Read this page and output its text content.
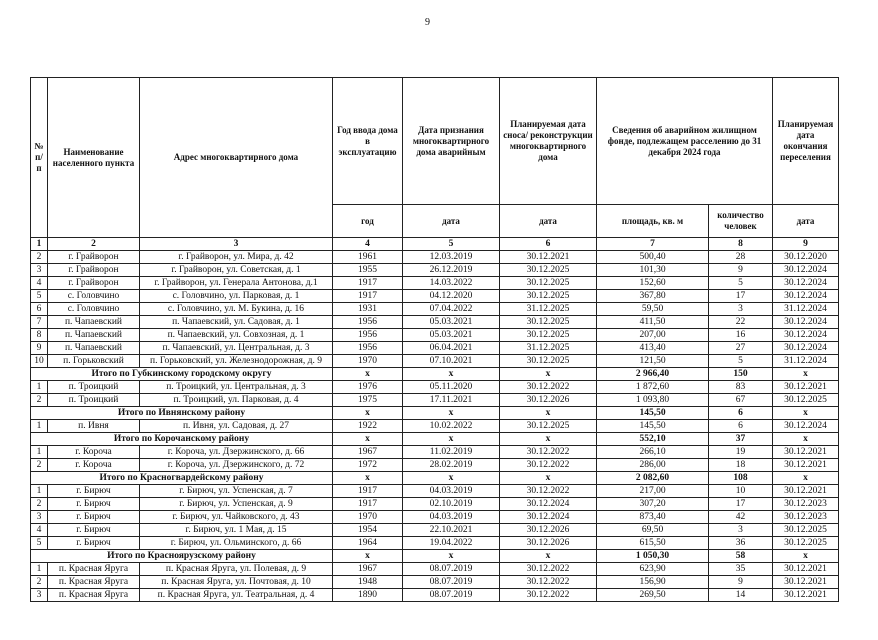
9
№ п/п	Наименование населенного пункта	Адрес многоквартирного дома	Год ввода дома в эксплуатацию	Дата признания многоквартирного дома аварийным	Планируемая дата сноса/ реконструкции многоквартирного дома	Сведения об аварийном жилищном фонде, подлежащем расселению до 31 декабря 2024 года		Планируемая дата окончания переселения
			год	дата	дата	площадь, кв. м	количество человек	дата
1	2	3	4	5	6	7	8	9
2	г. Грайворон	г. Грайворон, ул. Мира, д. 42	1961	12.03.2019	30.12.2021	500,40	28	30.12.2020
3	г. Грайворон	г. Грайворон, ул. Советская, д. 1	1955	26.12.2019	30.12.2025	101,30	9	30.12.2024
4	г. Грайворон	г. Грайворон, ул. Генерала Антонова, д.1	1917	14.03.2022	30.12.2025	152,60	5	30.12.2024
5	с. Головчино	с. Головчино, ул. Парковая, д. 1	1917	04.12.2020	30.12.2025	367,80	17	30.12.2024
6	с. Головчино	с. Головчино, ул. М. Букина, д. 16	1931	07.04.2022	31.12.2025	59,50	3	31.12.2024
7	п. Чапаевский	п. Чапаевский, ул. Садовая, д. 1	1956	05.03.2021	30.12.2025	411,50	22	30.12.2024
8	п. Чапаевский	п. Чапаевский, ул. Совхозная, д. 1	1956	05.03.2021	30.12.2025	207,00	16	30.12.2024
9	п. Чапаевский	п. Чапаевский, ул. Центральная, д. 3	1956	06.04.2021	31.12.2025	413,40	27	30.12.2024
10	п. Горьковский	п. Горьковский, ул. Железнодорожная, д. 9	1970	07.10.2021	30.12.2025	121,50	5	31.12.2024
Итого по Губкинскому городскому округу			x	x	x	2 966,40	150	x
1	п. Троицкий	п. Троицкий, ул. Центральная, д. 3	1976	05.11.2020	30.12.2022	1 872,60	83	30.12.2021
2	п. Троицкий	п. Троицкий, ул. Парковая, д. 4	1975	17.11.2021	30.12.2026	1 093,80	67	30.12.2025
Итого по Ивнянскому району			x	x	x	145,50	6	x
1	п. Ивня	п. Ивня, ул. Садовая, д. 27	1922	10.02.2022	30.12.2025	145,50	6	30.12.2024
Итого по Корочанскому району			x	x	x	552,10	37	x
1	г. Короча	г. Короча, ул. Дзержинского, д. 66	1967	11.02.2019	30.12.2022	266,10	19	30.12.2021
2	г. Короча	г. Короча, ул. Дзержинского, д. 72	1972	28.02.2019	30.12.2022	286,00	18	30.12.2021
Итого по Красногвардейскому району			x	x	x	2 082,60	108	x
1	г. Бирюч	г. Бирюч, ул. Успенская, д. 7	1917	04.03.2019	30.12.2022	217,00	10	30.12.2021
2	г. Бирюч	г. Бирюч, ул. Успенская, д. 9	1917	02.10.2019	30.12.2024	307,20	17	30.12.2023
3	г. Бирюч	г. Бирюч, ул. Чайковского, д. 43	1970	04.03.2019	30.12.2024	873,40	42	30.12.2023
4	г. Бирюч	г. Бирюч, ул. 1 Мая, д. 15	1954	22.10.2021	30.12.2026	69,50	3	30.12.2025
5	г. Бирюч	г. Бирюч, ул. Ольминского, д. 66	1964	19.04.2022	30.12.2026	615,50	36	30.12.2025
Итого по Красноярузскому району			x	x	x	1 050,30	58	x
1	п. Красная Яруга	п. Красная Яруга, ул. Полевая, д. 9	1967	08.07.2019	30.12.2022	623,90	35	30.12.2021
2	п. Красная Яруга	п. Красная Яруга, ул. Почтовая, д. 10	1948	08.07.2019	30.12.2022	156,90	9	30.12.2021
3	п. Красная Яруга	п. Красная Яруга, ул. Театральная, д. 4	1890	08.07.2019	30.12.2022	269,50	14	30.12.2021
